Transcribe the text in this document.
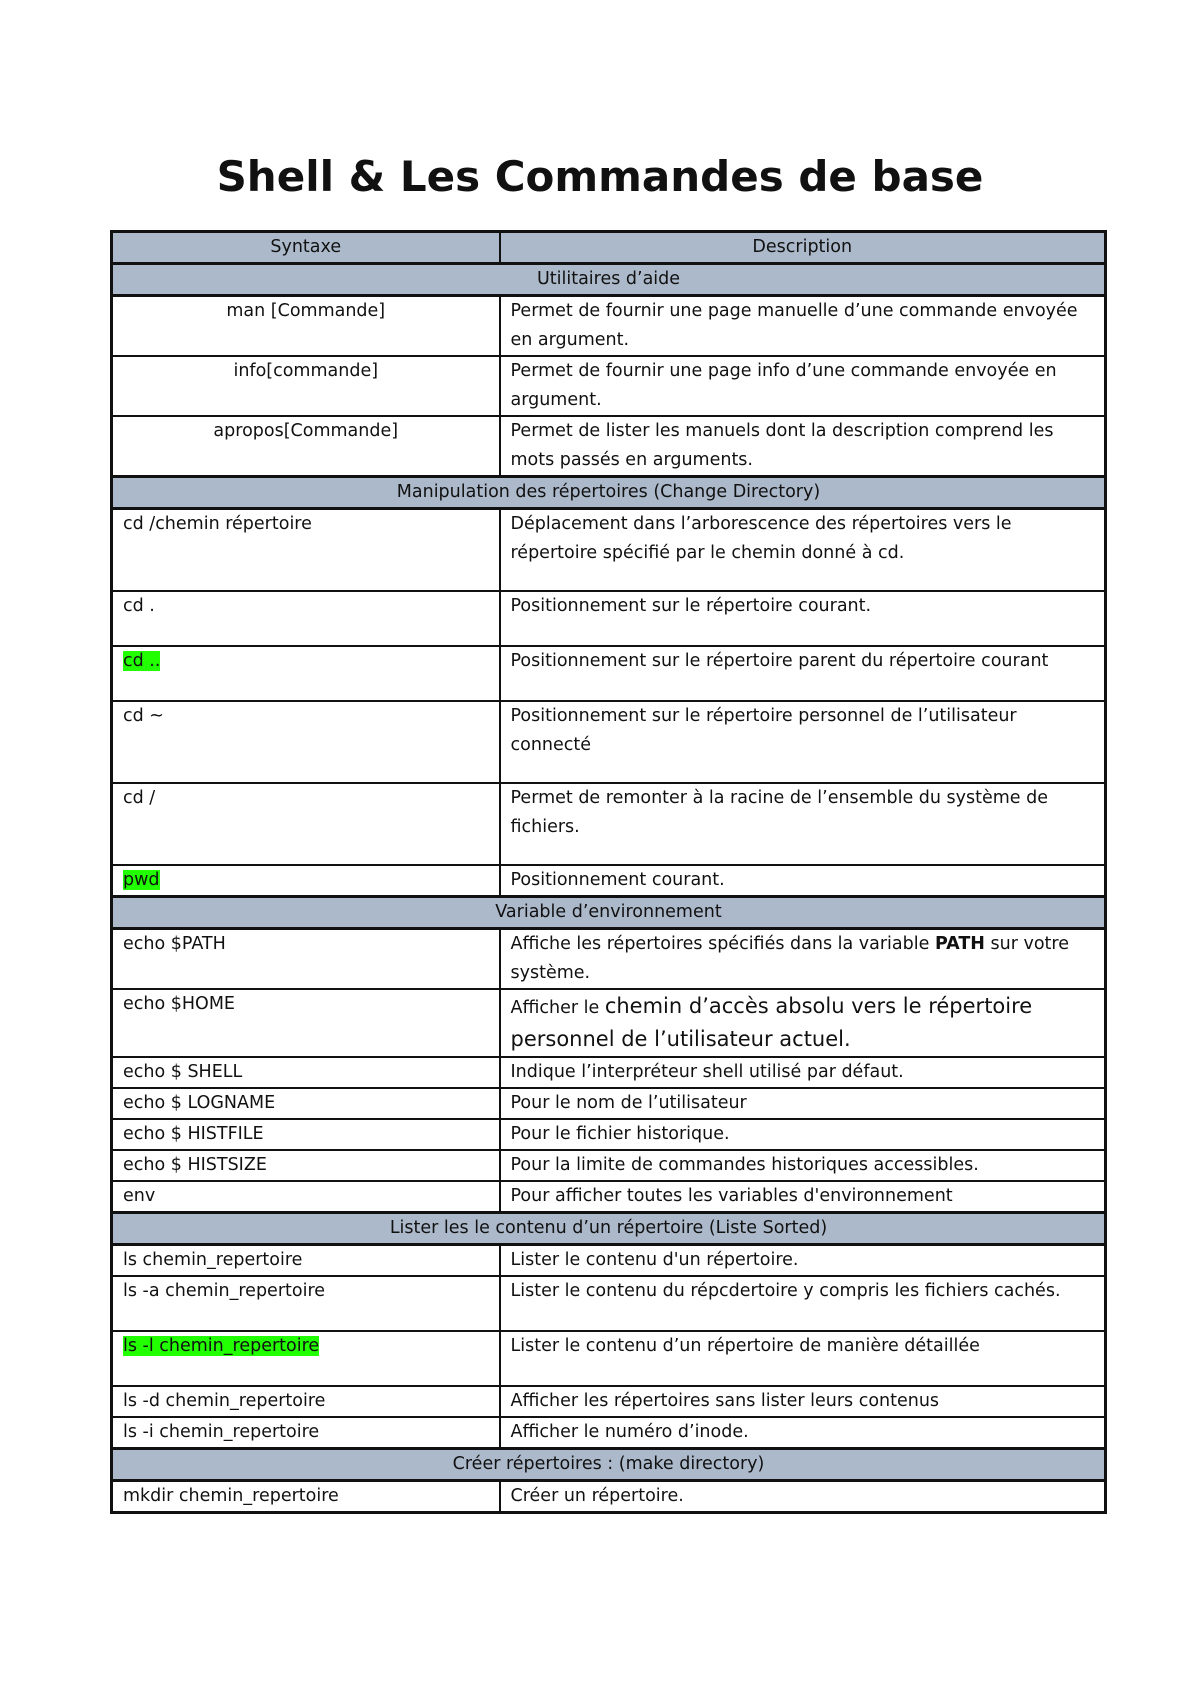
Shell & Les Commandes de base
Syntaxe	Description
Utilitaires d’aide	
man [Commande]	Permet de fournir une page manuelle d’une commande envoyée en argument.
info[commande]	Permet de fournir une page info d’une commande envoyée en argument.
apropos[Commande]	Permet de lister les manuels dont la description comprend les mots passés en arguments.
Manipulation des répertoires (Change Directory)	
cd /chemin répertoire	Déplacement dans l’arborescence des répertoires vers le répertoire spécifié par le chemin donné à cd.
cd .	Positionnement sur le répertoire courant.
cd ..	Positionnement sur le répertoire parent du répertoire courant
cd ~	Positionnement sur le répertoire personnel de l’utilisateur connecté
cd /	Permet de remonter à la racine de l’ensemble du système de fichiers.
pwd	Positionnement courant.
Variable d’environnement	
echo $PATH	Affiche les répertoires spécifiés dans la variable PATH sur votre système.
echo $HOME	Afficher le chemin d’accès absolu vers le répertoire personnel de l’utilisateur actuel.
echo $ SHELL	Indique l’interpréteur shell utilisé par défaut.
echo $ LOGNAME	Pour le nom de l’utilisateur
echo $ HISTFILE	Pour le fichier historique.
echo $ HISTSIZE	Pour la limite de commandes historiques accessibles.
env	Pour afficher toutes les variables d'environnement
Lister les le contenu d’un répertoire (Liste Sorted)	
ls chemin_repertoire	Lister le contenu d'un répertoire.
ls -a chemin_repertoire	Lister le contenu du répcdertoire y compris les fichiers cachés.
ls -l chemin_repertoire	Lister le contenu d’un répertoire de manière détaillée
ls -d chemin_repertoire	Afficher les répertoires sans lister leurs contenus
ls -i chemin_repertoire	Afficher le numéro d’inode.
Créer répertoires : (make directory)	
mkdir chemin_repertoire	Créer un répertoire.
